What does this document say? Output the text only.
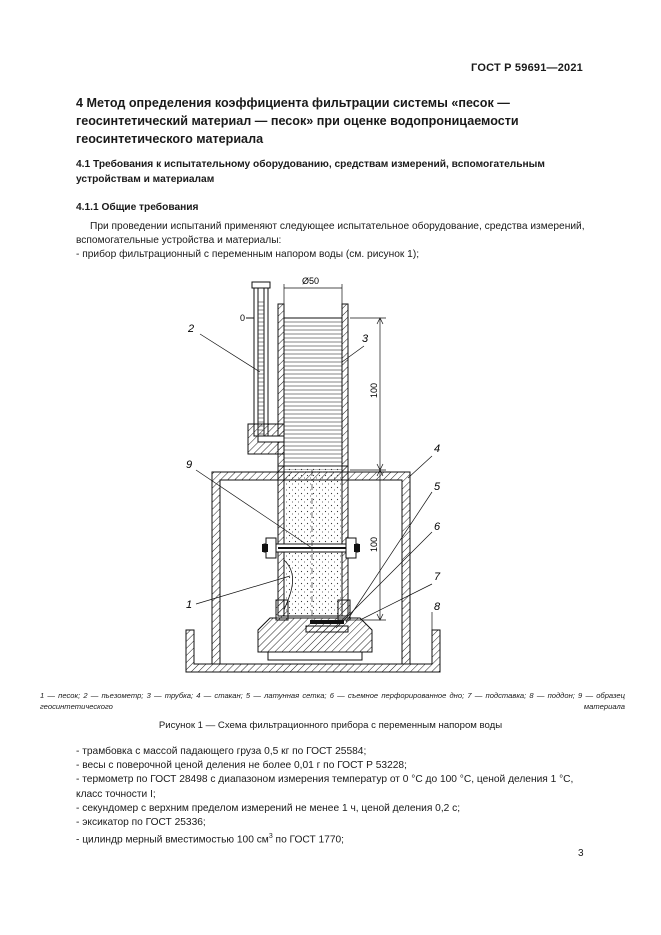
ГОСТ Р 59691—2021
4 Метод определения коэффициента фильтрации системы «песок — геосинтетический материал — песок» при оценке водопроницаемости геосинтетического материала
4.1 Требования к испытательному оборудованию, средствам измерений, вспомогательным устройствам и материалам
4.1.1 Общие требования
При проведении испытаний применяют следующее испытательное оборудование, средства измерений, вспомогательные устройства и материалы:
- прибор фильтрационный с переменным напором воды (см. рисунок 1);
Ø50
0
100
100
2
3
4
9
5
6
7
1	8
1 — песок; 2 — пьезометр; 3 — трубка; 4 — стакан; 5 — латунная сетка; 6 — съемное перфорированное дно; 7 — подставка; 8 — поддон; 9 — образец геосинтетического материала
Рисунок 1 — Схема фильтрационного прибора с переменным напором воды
- трамбовка с массой падающего груза 0,5 кг по ГОСТ 25584;
- весы с поверочной ценой деления не более 0,01 г по ГОСТ Р 53228;
- термометр по ГОСТ 28498 с диапазоном измерения температур от 0 °С до 100 °С, ценой деления 1 °С, класс точности I;
- секундомер с верхним пределом измерений не менее 1 ч, ценой деления 0,2 с;
- эксикатор по ГОСТ 25336;
- цилиндр мерный вместимостью 100 $см^3$ по ГОСТ 1770;
3
